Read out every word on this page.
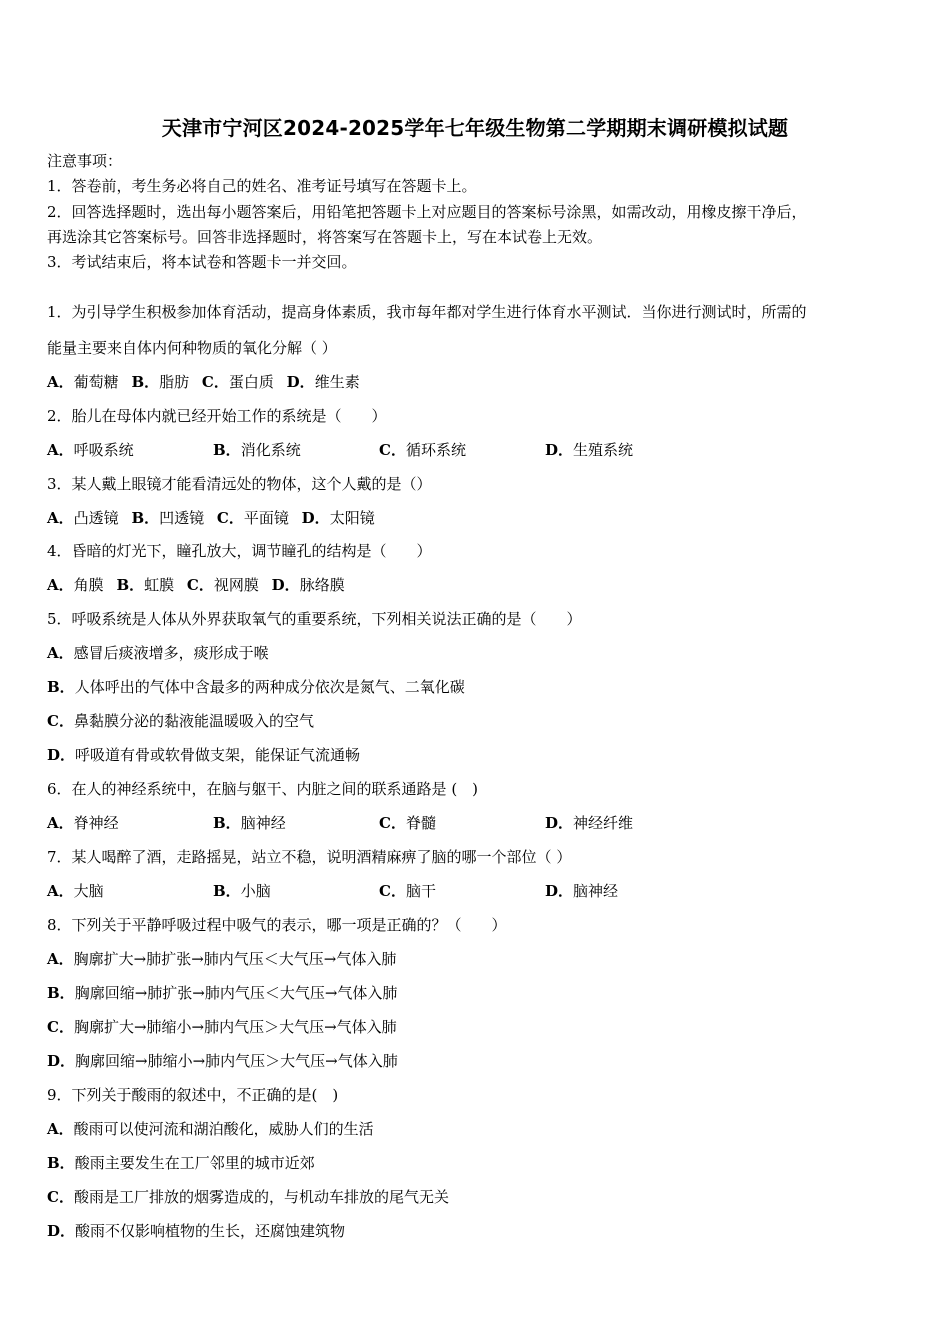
天津市宁河区2024-2025学年七年级生物第二学期期末调研模拟试题
注意事项：
1．答卷前，考生务必将自己的姓名、准考证号填写在答题卡上。
2．回答选择题时，选出每小题答案后，用铅笔把答题卡上对应题目的答案标号涂黑，如需改动，用橡皮擦干净后，
再选涂其它答案标号。回答非选择题时，将答案写在答题卡上，写在本试卷上无效。
3．考试结束后，将本试卷和答题卡一并交回。
1．为引导学生积极参加体育活动，提高身体素质，我市每年都对学生进行体育水平测试．当你进行测试时，所需的
能量主要来自体内何种物质的氧化分解（ ）
A．葡萄糖 B．脂肪 C．蛋白质 D．维生素
2．胎儿在母体内就已经开始工作的系统是（　　）
A．呼吸系统	B．消化系统	C．循环系统	D．生殖系统
3．某人戴上眼镜才能看清远处的物体，这个人戴的是（）
A．凸透镜 B．凹透镜 C．平面镜 D．太阳镜
4．昏暗的灯光下，瞳孔放大，调节瞳孔的结构是（　　）
A．角膜 B．虹膜 C．视网膜 D．脉络膜
5．呼吸系统是人体从外界获取氧气的重要系统，下列相关说法正确的是（　　）
A．感冒后痰液增多，痰形成于喉
B．人体呼出的气体中含最多的两种成分依次是氮气、二氧化碳
C．鼻黏膜分泌的黏液能温暖吸入的空气
D．呼吸道有骨或软骨做支架，能保证气流通畅
6．在人的神经系统中，在脑与躯干、内脏之间的联系通路是 (　)
A．脊神经	B．脑神经	C．脊髓	D．神经纤维
7．某人喝醉了酒，走路摇晃，站立不稳，说明酒精麻痹了脑的哪一个部位（ ）
A．大脑	B．小脑	C．脑干	D．脑神经
8．下列关于平静呼吸过程中吸气的表示，哪一项是正确的？（　　）
A．胸廓扩大→肺扩张→肺内气压＜大气压→气体入肺
B．胸廓回缩→肺扩张→肺内气压＜大气压→气体入肺
C．胸廓扩大→肺缩小→肺内气压＞大气压→气体入肺
D．胸廓回缩→肺缩小→肺内气压＞大气压→气体入肺
9．下列关于酸雨的叙述中，不正确的是(　)
A．酸雨可以使河流和湖泊酸化，威胁人们的生活
B．酸雨主要发生在工厂邻里的城市近郊
C．酸雨是工厂排放的烟雾造成的，与机动车排放的尾气无关
D．酸雨不仅影响植物的生长，还腐蚀建筑物
